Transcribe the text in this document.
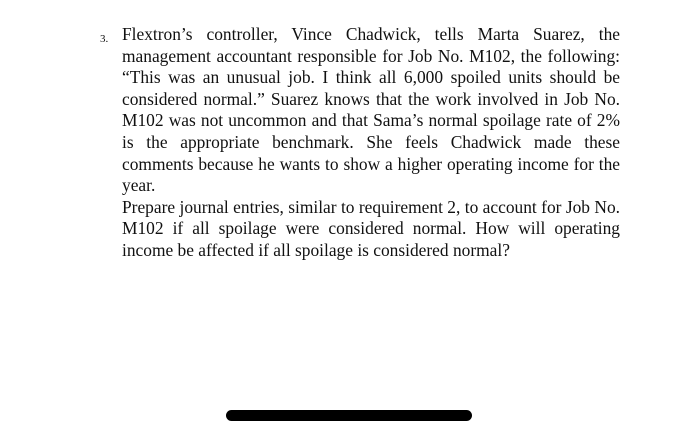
3. Flextron’s controller, Vince Chadwick, tells Marta Suarez, the management accountant responsible for Job No. M102, the following: “This was an unusual job. I think all 6,000 spoiled units should be considered normal.” Suarez knows that the work involved in Job No. M102 was not uncommon and that Sama’s normal spoilage rate of 2% is the appropriate benchmark. She feels Chadwick made these comments because he wants to show a higher operating income for the year.

Prepare journal entries, similar to requirement 2, to account for Job No. M102 if all spoilage were considered normal. How will operating income be affected if all spoilage is considered normal?
